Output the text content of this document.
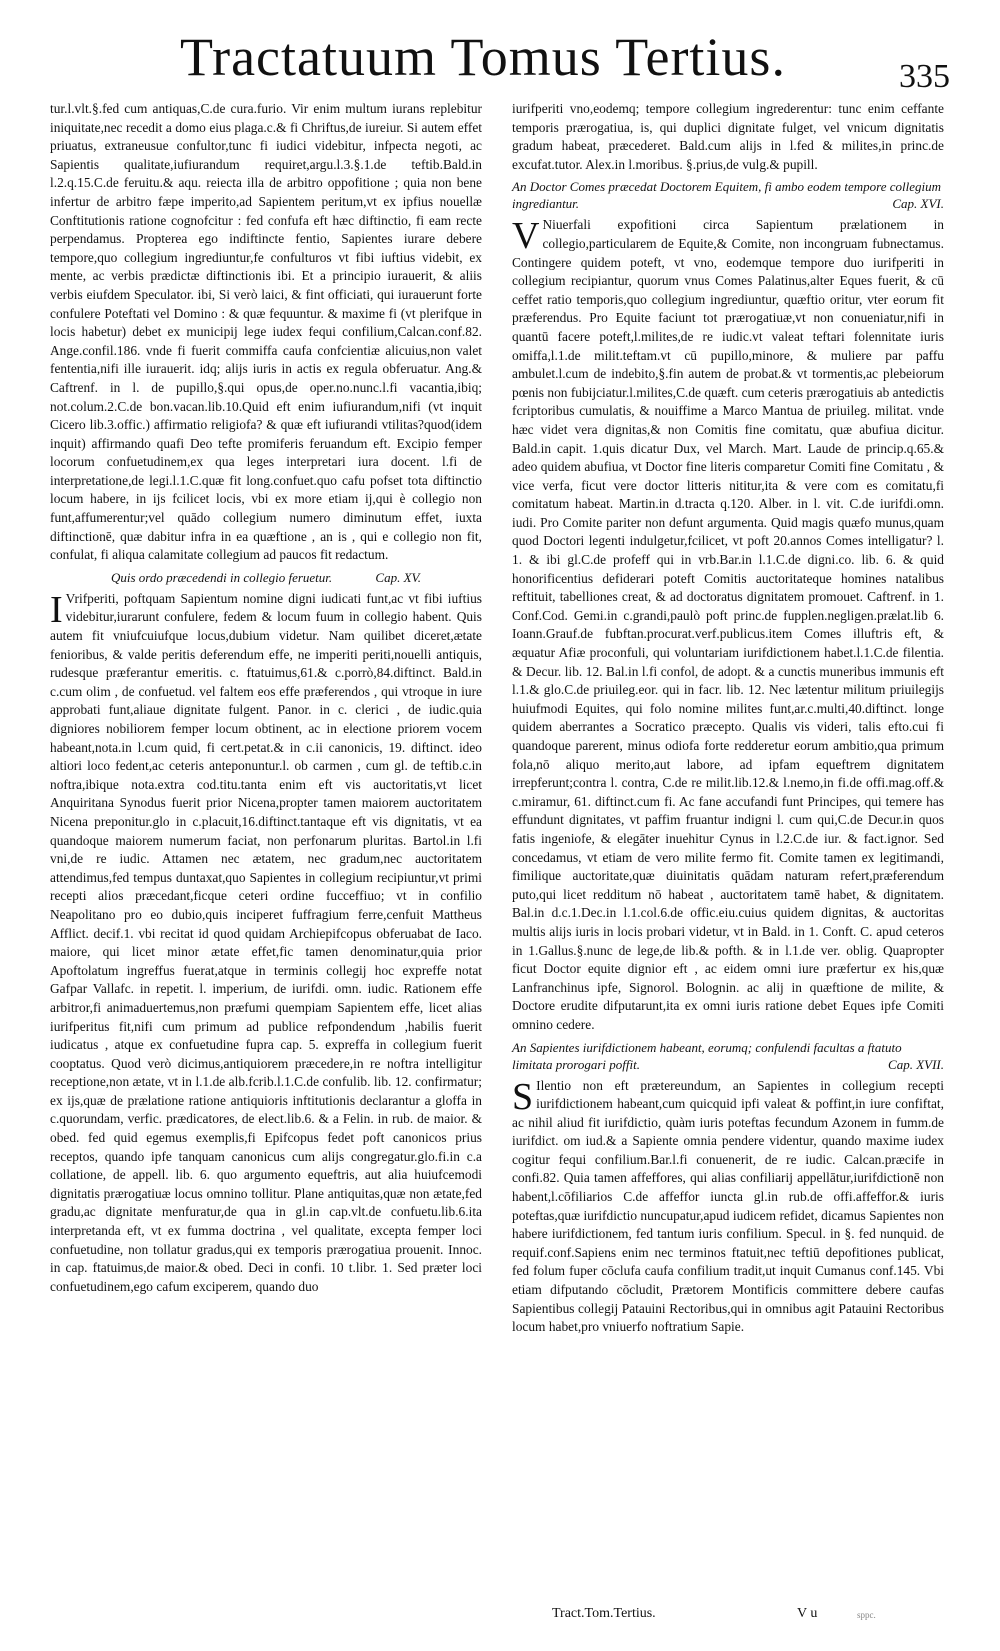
Tractatuum Tomus Tertius.	335

tur.l.vlt.§.fed cum antiquas,C.de cura.furio. Vir enim multum iurans replebitur iniquitate,nec recedit a domo eius plaga.c.& fi Chriftus,de iureiur. Si autem effet priuatus, extraneusue confultor,tunc fi iudici videbitur, infpecta negoti, ac Sapientis qualitate,iufiurandum requiret,argu.l.3.§.1.de teftib.Bald.in l.2.q.15.C.de feruitu.& aqu. reiecta illa de arbitro oppofitione ; quia non bene infertur de arbitro fæpe imperito,ad Sapientem peritum,vt ex ipfius nouellæ Conftitutionis ratione cognofcitur : fed confufa eft hæc diftinctio, fi eam recte perpendamus. Propterea ego indiftincte fentio, Sapientes iurare debere tempore,quo collegium ingrediuntur,fe confulturos vt fibi iuftius videbit, ex mente, ac verbis prædictæ diftinctionis ibi. Et a principio iurauerit, & aliis verbis eiufdem Speculator. ibi, Si verò laici, & fint officiati, qui iurauerunt forte confulere Poteftati vel Domino : & quæ fequuntur. & maxime fi (vt plerifque in locis habetur) debet ex municipij lege iudex fequi confilium,Calcan.conf.82. Ange.confil.186. vnde fi fuerit commiffa caufa confcientiæ alicuius,non valet fententia,nifi ille iurauerit. idq; alijs iuris in actis ex regula obferuatur. Ang.& Caftrenf. in l. de pupillo,§.qui opus,de oper.no.nunc.l.fi vacantia,ibiq; not.colum.2.C.de bon.vacan.lib.10.Quid eft enim iufiurandum,nifi (vt inquit Cicero lib.3.offic.) affirmatio religiofa? & quæ eft iufiurandi vtilitas?quod(idem inquit) affirmando quafi Deo tefte promiferis feruandum eft. Excipio femper locorum confuetudinem,ex qua leges interpretari iura docent. l.fi de interpretatione,de legi.l.1.C.quæ fit long.confuet.quo cafu pofset tota diftinctio locum habere, in ijs fcilicet locis, vbi ex more etiam ij,qui è collegio non funt,affumerentur;vel quādo collegium numero diminutum effet, iuxta diftinctionē, quæ dabitur infra in ea quæftione , an is , qui e collegio non fit, confulat, fi aliqua calamitate collegium ad paucos fit redactum.

Quis ordo præcedendi in collegio feruetur.	Cap. XV.

I Vrifperiti, poftquam Sapientum nomine digni iudicati funt,ac vt fibi iuftius videbitur,iurarunt confulere, fedem & locum fuum in collegio habent. Quis autem fit vniufcuiufque locus,dubium videtur. Nam quilibet diceret,ætate fenioribus, & valde peritis deferendum effe, ne imperiti periti,nouelli antiquis, rudesque præferantur emeritis. c. ftatuimus,61.& c.porrò,84.diftinct. Bald.in c.cum olim , de confuetud. vel faltem eos effe præferendos , qui vtroque in iure approbati funt,aliaue dignitate fulgent. Panor. in c. clerici , de iudic.quia digniores nobiliorem femper locum obtinent, ac in electione priorem vocem habeant,nota.in l.cum quid, fi cert.petat.& in c.ii canonicis, 19. diftinct. ideo altiori loco fedent,ac ceteris anteponuntur.l. ob carmen , cum gl. de teftib.c.in noftra,ibique nota.extra cod.titu.tanta enim eft vis auctoritatis,vt licet Anquiritana Synodus fuerit prior Nicena,propter tamen maiorem auctoritatem Nicena preponitur.glo in c.placuit,16.diftinct.tantaque eft vis dignitatis, vt ea quandoque maiorem numerum faciat, non perfonarum pluritas. Bartol.in l.fi vni,de re iudic. Attamen nec ætatem, nec gradum,nec auctoritatem attendimus,fed tempus duntaxat,quo Sapientes in collegium recipiuntur,vt primi recepti alios præcedant,ficque ceteri ordine fucceffiuo; vt in confilio Neapolitano pro eo dubio,quis inciperet fuffragium ferre,cenfuit Mattheus Afflict. decif.1. vbi recitat id quod quidam Archiepifcopus obferuabat de Iaco. maiore, qui licet minor ætate effet,fic tamen denominatur,quia prior Apoftolatum ingreffus fuerat,atque in terminis collegij hoc expreffe notat Gafpar Vallafc. in repetit. l. imperium, de iurifdi. omn. iudic. Rationem effe arbitror,fi animaduertemus,non præfumi quempiam Sapientem effe, licet alias iurifperitus fit,nifi cum primum ad publice refpondendum ,habilis fuerit iudicatus , atque ex confuetudine fupra cap. 5. expreffa in collegium fuerit cooptatus. Quod verò dicimus,antiquiorem præcedere,in re noftra intelligitur receptione,non ætate, vt in l.1.de alb.fcrib.l.1.C.de confulib. lib. 12. confirmatur; ex ijs,quæ de prælatione ratione antiquioris inftitutionis declarantur a gloffa in c.quorundam, verfic. prædicatores, de elect.lib.6. & a Felin. in rub. de maior. & obed. fed quid egemus exemplis,fi Epifcopus fedet poft canonicos prius receptos, quando ipfe tanquam canonicus cum alijs congregatur.glo.fi.in c.a collatione, de appell. lib. 6. quo argumento equeftris, aut alia huiufcemodi dignitatis prærogatiuæ locus omnino tollitur. Plane antiquitas,quæ non ætate,fed gradu,ac dignitate menfuratur,de qua in gl.in cap.vlt.de confuetu.lib.6.ita interpretanda eft, vt ex fumma doctrina , vel qualitate, excepta femper loci confuetudine, non tollatur gradus,qui ex temporis prærogatiua prouenit. Innoc. in cap. ftatuimus,de maior.& obed. Deci in confi. 10 t.libr. 1. Sed præter loci confuetudinem,ego cafum exciperem, quando duo

iurifperiti vno,eodemq; tempore collegium ingrederentur: tunc enim ceffante temporis prærogatiua, is, qui duplici dignitate fulget, vel vnicum dignitatis gradum habeat, præcederet. Bald.cum alijs in l.fed & milites,in princ.de excufat.tutor. Alex.in l.moribus. §.prius,de vulg.& pupill.

An Doctor Comes præcedat Doctorem Equitem, fi ambo eodem tempore collegium ingrediantur.	Cap. XVI.

V Niuerfali expofitioni circa Sapientum prælationem in collegio,particularem de Equite,& Comite, non incongruam fubnectamus. Contingere quidem poteft, vt vno, eodemque tempore duo iurifperiti in collegium recipiantur, quorum vnus Comes Palatinus,alter Eques fuerit, & cū ceffet ratio temporis,quo collegium ingrediuntur, quæftio oritur, vter eorum fit præferendus. Pro Equite faciunt tot prærogatiuæ,vt non conueniatur,nifi in quantū facere poteft,l.milites,de re iudic.vt valeat teftari folennitate iuris omiffa,l.1.de milit.teftam.vt cū pupillo,minore, & muliere par paffu ambulet.l.cum de indebito,§.fin autem de probat.& vt tormentis,ac plebeiorum pœnis non fubijciatur.l.milites,C.de quæft. cum ceteris prærogatiuis ab antedictis fcriptoribus cumulatis, & nouiffime a Marco Mantua de priuileg. militat. vnde hæc videt vera dignitas,& non Comitis fine comitatu, quæ abufiua dicitur. Bald.in capit. 1.quis dicatur Dux, vel March. Mart. Laude de princip.q.65.& adeo quidem abufiua, vt Doctor fine literis comparetur Comiti fine Comitatu , & vice verfa, ficut vere doctor litteris nititur,ita & vere com es comitatu,fi comitatum habeat. Martin.in d.tracta q.120. Alber. in l. vit. C.de iurifdi.omn. iudi. Pro Comite pariter non defunt argumenta. Quid magis quæfo munus,quam quod Doctori legenti indulgetur,fcilicet, vt poft 20.annos Comes intelligatur? l. 1. & ibi gl.C.de profeff qui in vrb.Bar.in l.1.C.de digni.co. lib. 6. & quid honorificentius defiderari poteft Comitis auctoritateque homines natalibus reftituit, tabelliones creat, & ad doctoratus dignitatem promouet. Caftrenf. in 1. Conf.Cod. Gemi.in c.grandi,paulò poft princ.de fupplen.negligen.prælat.lib 6. Ioann.Grauf.de fubftan.procurat.verf.publicus.item Comes illuftris eft, & æquatur Afiæ proconfuli, qui voluntariam iurifdictionem habet.l.1.C.de filentia. & Decur. lib. 12. Bal.in l.fi confol, de adopt. & a cunctis muneribus immunis eft l.1.& glo.C.de priuileg.eor. qui in facr. lib. 12. Nec lætentur militum priuilegijs huiufmodi Equites, qui folo nomine milites funt,ar.c.multi,40.diftinct. longe quidem aberrantes a Socratico præcepto. Qualis vis videri, talis efto.cui fi quandoque parerent, minus odiofa forte redderetur eorum ambitio,qua primum fola,nō aliquo merito,aut labore, ad ipfam equeftrem dignitatem irrepferunt;contra l. contra, C.de re milit.lib.12.& l.nemo,in fi.de offi.mag.off.& c.miramur, 61. diftinct.cum fi. Ac fane accufandi funt Principes, qui temere has effundunt dignitates, vt paffim fruantur indigni l. cum qui,C.de Decur.in quos fatis ingeniofe, & elegāter inuehitur Cynus in l.2.C.de iur. & fact.ignor. Sed concedamus, vt etiam de vero milite fermo fit. Comite tamen ex legitimandi, fimilique auctoritate,quæ diuinitatis quādam naturam refert,præferendum puto,qui licet redditum nō habeat , auctoritatem tamē habet, & dignitatem. Bal.in d.c.1.Dec.in l.1.col.6.de offic.eiu.cuius quidem dignitas, & auctoritas multis alijs iuris in locis probari videtur, vt in Bald. in 1. Conft. C. apud ceteros in 1.Gallus.§.nunc de lege,de lib.& pofth. & in l.1.de ver. oblig. Quapropter ficut Doctor equite dignior eft , ac eidem omni iure præfertur ex his,quæ Lanfranchinus ipfe, Signorol. Bolognin. ac alij in quæftione de milite, & Doctore erudite difputarunt,ita ex omni iuris ratione debet Eques ipfe Comiti omnino cedere.

An Sapientes iurifdictionem habeant, eorumq; confulendi facultas a ftatuto limitata prorogari poffit.	Cap. XVII.

S Ilentio non eft prætereundum, an Sapientes in collegium recepti iurifdictionem habeant,cum quicquid ipfi valeat & poffint,in iure confiftat, ac nihil aliud fit iurifdictio, quàm iuris poteftas fecundum Azonem in fumm.de iurifdict. om iud.& a Sapiente omnia pendere videntur, quando maxime iudex cogitur fequi confilium.Bar.l.fi conuenerit, de re iudic. Calcan.præcife in confi.82. Quia tamen affeffores, qui alias confiliarij appellātur,iurifdictionē non habent,l.cōfiliarios C.de affeffor iuncta gl.in rub.de offi.affeffor.& iuris poteftas,quæ iurifdictio nuncupatur,apud iudicem refidet, dicamus Sapientes non habere iurifdictionem, fed tantum iuris confilium. Specul. in §. fed nunquid. de requif.conf.Sapiens enim nec terminos ftatuit,nec teftiū depofitiones publicat, fed folum fuper cōclufa caufa confilium tradit,ut inquit Cumanus conf.145. Vbi etiam difputando cōcludit, Prætorem Montificis committere debere caufas Sapientibus collegij Patauini Rectoribus,qui in omnibus agit Patauini Rectoribus locum habet,pro vniuerfo noftratium Sapie.

Tract.Tom.Tertius.	V u	sppc.
